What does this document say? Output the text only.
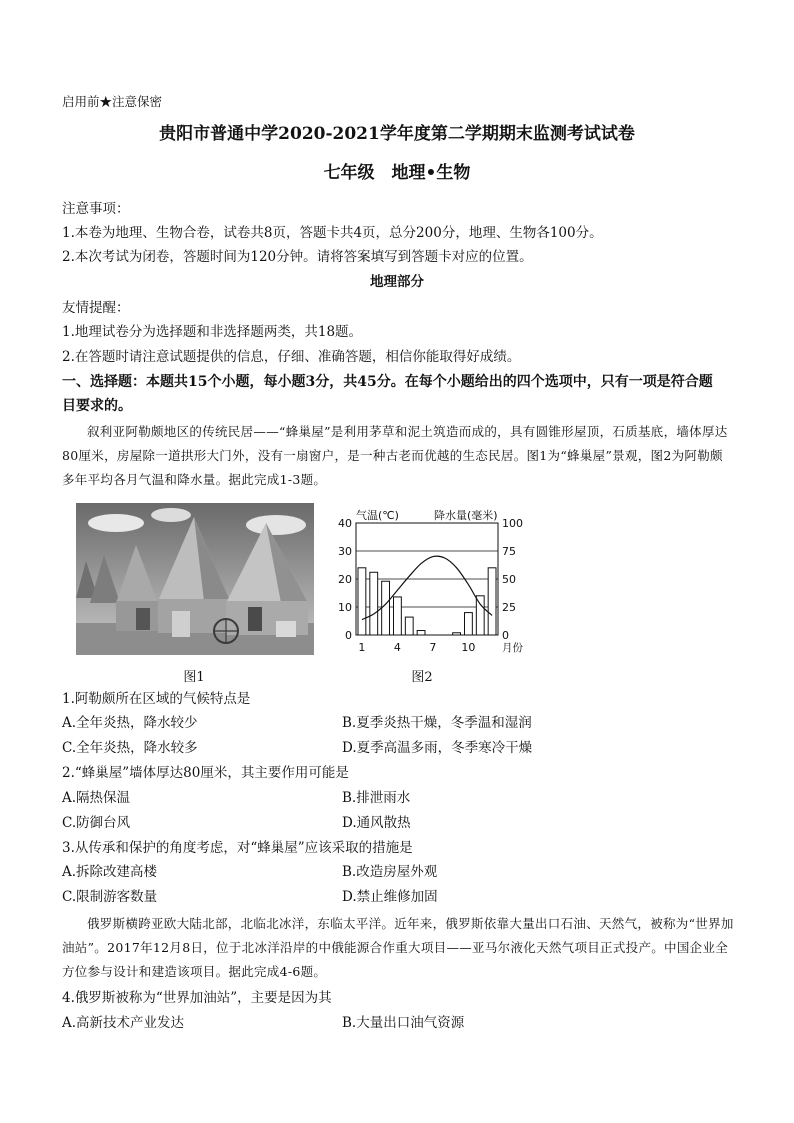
启用前★注意保密
贵阳市普通中学2020-2021学年度第二学期期末监测考试试卷
七年级　地理•生物
注意事项：
1.本卷为地理、生物合卷，试卷共8页，答题卡共4页，总分200分，地理、生物各100分。
2.本次考试为闭卷，答题时间为120分钟。请将答案填写到答题卡对应的位置。
地理部分
友情提醒：
1.地理试卷分为选择题和非选择题两类，共18题。
2.在答题时请注意试题提供的信息，仔细、准确答题，相信你能取得好成绩。
一、选择题：本题共15个小题，每小题3分，共45分。在每个小题给出的四个选项中，只有一项是符合题
目要求的。
叙利亚阿勒颇地区的传统民居——“蜂巢屋”是利用茅草和泥土筑造而成的，具有圆锥形屋顶，石质基底，墙体厚达80厘米，房屋除一道拱形大门外，没有一扇窗户，是一种古老而优越的生态民居。图1为“蜂巢屋”景观，图2为阿勒颇多年平均各月气温和降水量。据此完成1-3题。
图1
气温(℃)	降水量(毫米)
0
10
20
30
40
0
25
50
75
100
1	4	7 10	月份
图2
1.阿勒颇所在区域的气候特点是
A.全年炎热，降水较少	B.夏季炎热干燥，冬季温和湿润
C.全年炎热，降水较多	D.夏季高温多雨，冬季寒冷干燥
2.“蜂巢屋”墙体厚达80厘米，其主要作用可能是
A.隔热保温	B.排泄雨水
C.防御台风	D.通风散热
3.从传承和保护的角度考虑，对“蜂巢屋”应该采取的措施是
A.拆除改建高楼	B.改造房屋外观
C.限制游客数量	D.禁止维修加固
俄罗斯横跨亚欧大陆北部，北临北冰洋，东临太平洋。近年来，俄罗斯依靠大量出口石油、天然气，被称为“世界加油站”。2017年12月8日，位于北冰洋沿岸的中俄能源合作重大项目——亚马尔液化天然气项目正式投产。中国企业全方位参与设计和建造该项目。据此完成4-6题。
4.俄罗斯被称为“世界加油站”，主要是因为其
A.高新技术产业发达	B.大量出口油气资源
